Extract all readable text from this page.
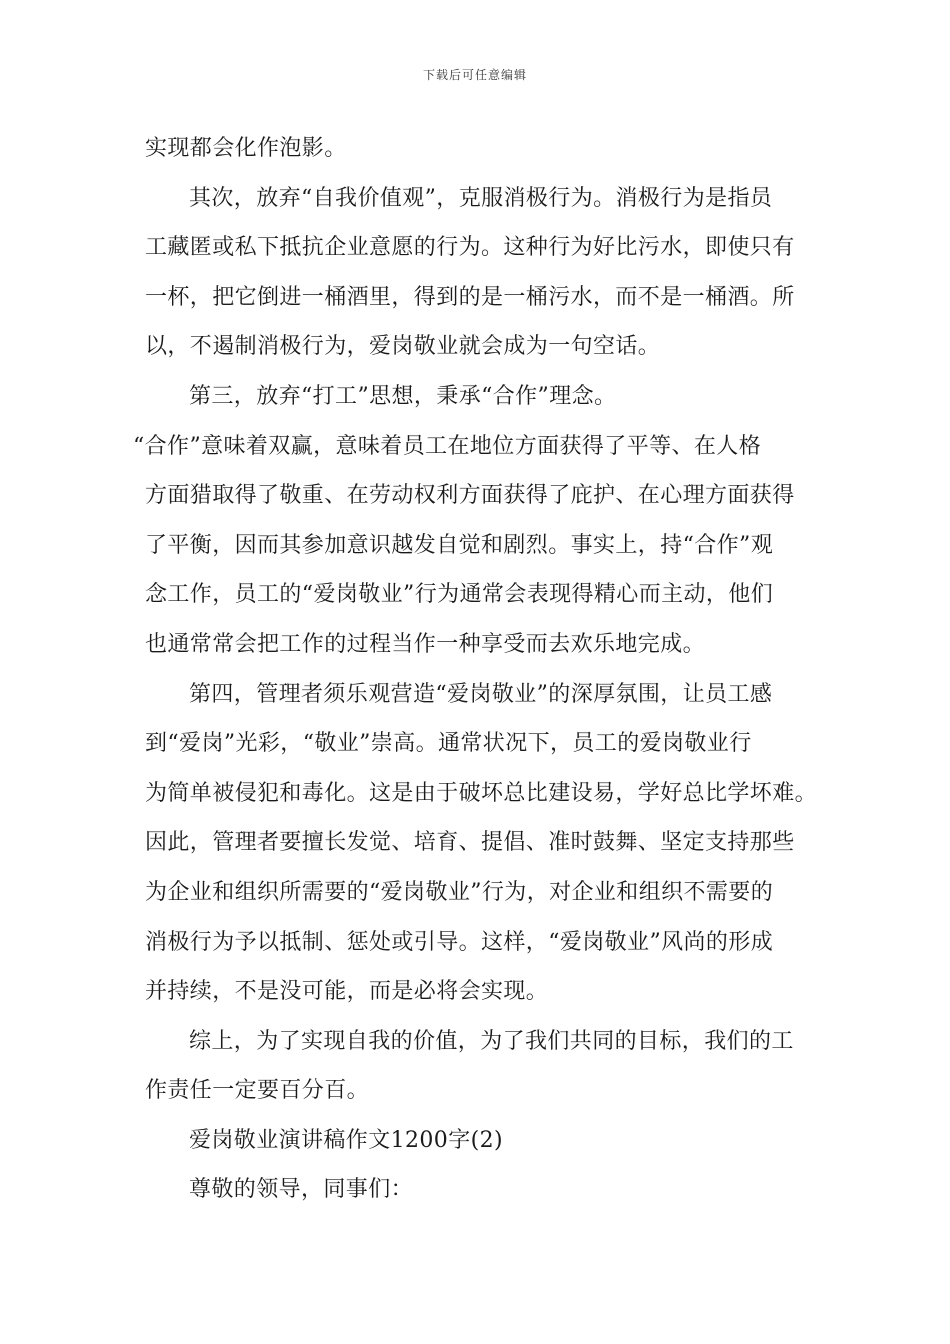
下载后可任意编辑
实现都会化作泡影。
其次，放弃“自我价值观”，克服消极行为。消极行为是指员
工藏匿或私下抵抗企业意愿的行为。这种行为好比污水，即使只有
一杯，把它倒进一桶酒里，得到的是一桶污水，而不是一桶酒。所
以，不遏制消极行为，爱岗敬业就会成为一句空话。
第三，放弃“打工”思想，秉承“合作”理念。
“合作”意味着双赢，意味着员工在地位方面获得了平等、在人格
方面猎取得了敬重、在劳动权利方面获得了庇护、在心理方面获得
了平衡，因而其参加意识越发自觉和剧烈。事实上，持“合作”观
念工作，员工的“爱岗敬业”行为通常会表现得精心而主动，他们
也通常常会把工作的过程当作一种享受而去欢乐地完成。
第四，管理者须乐观营造“爱岗敬业”的深厚氛围，让员工感
到“爱岗”光彩，“敬业”崇高。通常状况下，员工的爱岗敬业行
为简单被侵犯和毒化。这是由于破坏总比建设易，学好总比学坏难。
因此，管理者要擅长发觉、培育、提倡、准时鼓舞、坚定支持那些
为企业和组织所需要的“爱岗敬业”行为，对企业和组织不需要的
消极行为予以抵制、惩处或引导。这样，“爱岗敬业”风尚的形成
并持续，不是没可能，而是必将会实现。
综上，为了实现自我的价值，为了我们共同的目标，我们的工
作责任一定要百分百。
爱岗敬业演讲稿作文1200字(2)
尊敬的领导，同事们：
